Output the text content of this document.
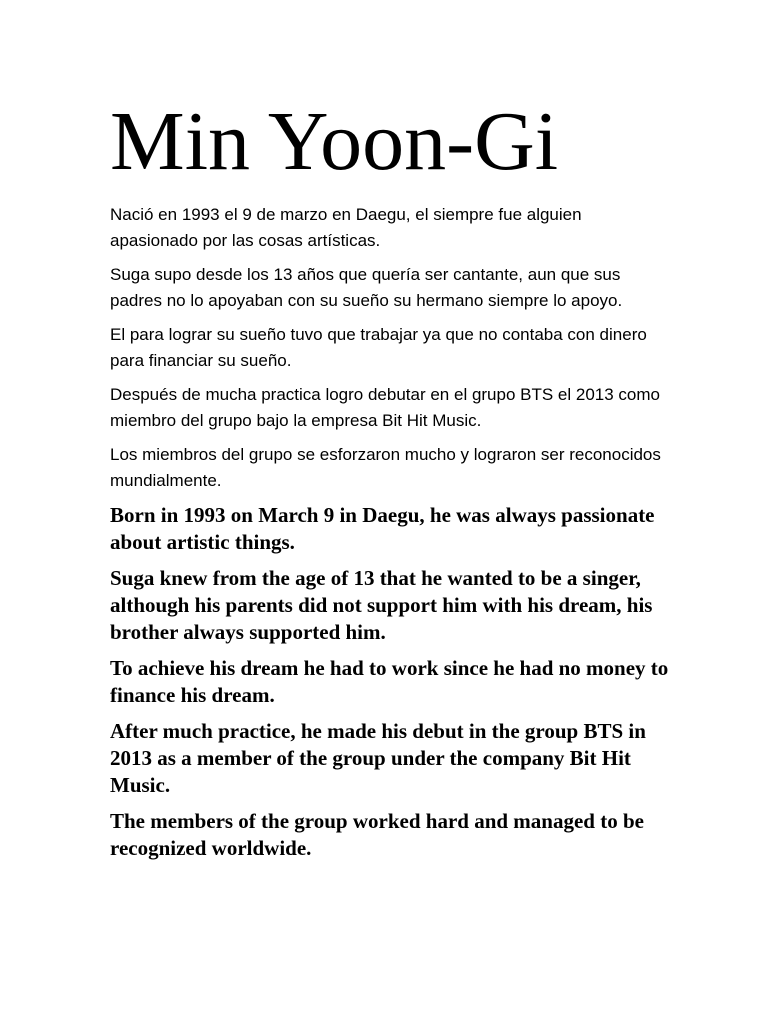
Min Yoon-Gi

Nació en 1993 el 9 de marzo en Daegu, el siempre fue alguien apasionado por las cosas artísticas.

Suga supo desde los 13 años que quería ser cantante, aun que sus padres no lo apoyaban con su sueño su hermano siempre lo apoyo.

El para lograr su sueño tuvo que trabajar ya que no contaba con dinero para financiar su sueño.

Después de mucha practica logro debutar en el grupo BTS el 2013 como miembro del grupo bajo la empresa Bit Hit Music.

Los miembros del grupo se esforzaron mucho y lograron ser reconocidos mundialmente.

Born in 1993 on March 9 in Daegu, he was always passionate about artistic things.

Suga knew from the age of 13 that he wanted to be a singer, although his parents did not support him with his dream, his brother always supported him.

To achieve his dream he had to work since he had no money to finance his dream.

After much practice, he made his debut in the group BTS in 2013 as a member of the group under the company Bit Hit Music.

The members of the group worked hard and managed to be recognized worldwide.
